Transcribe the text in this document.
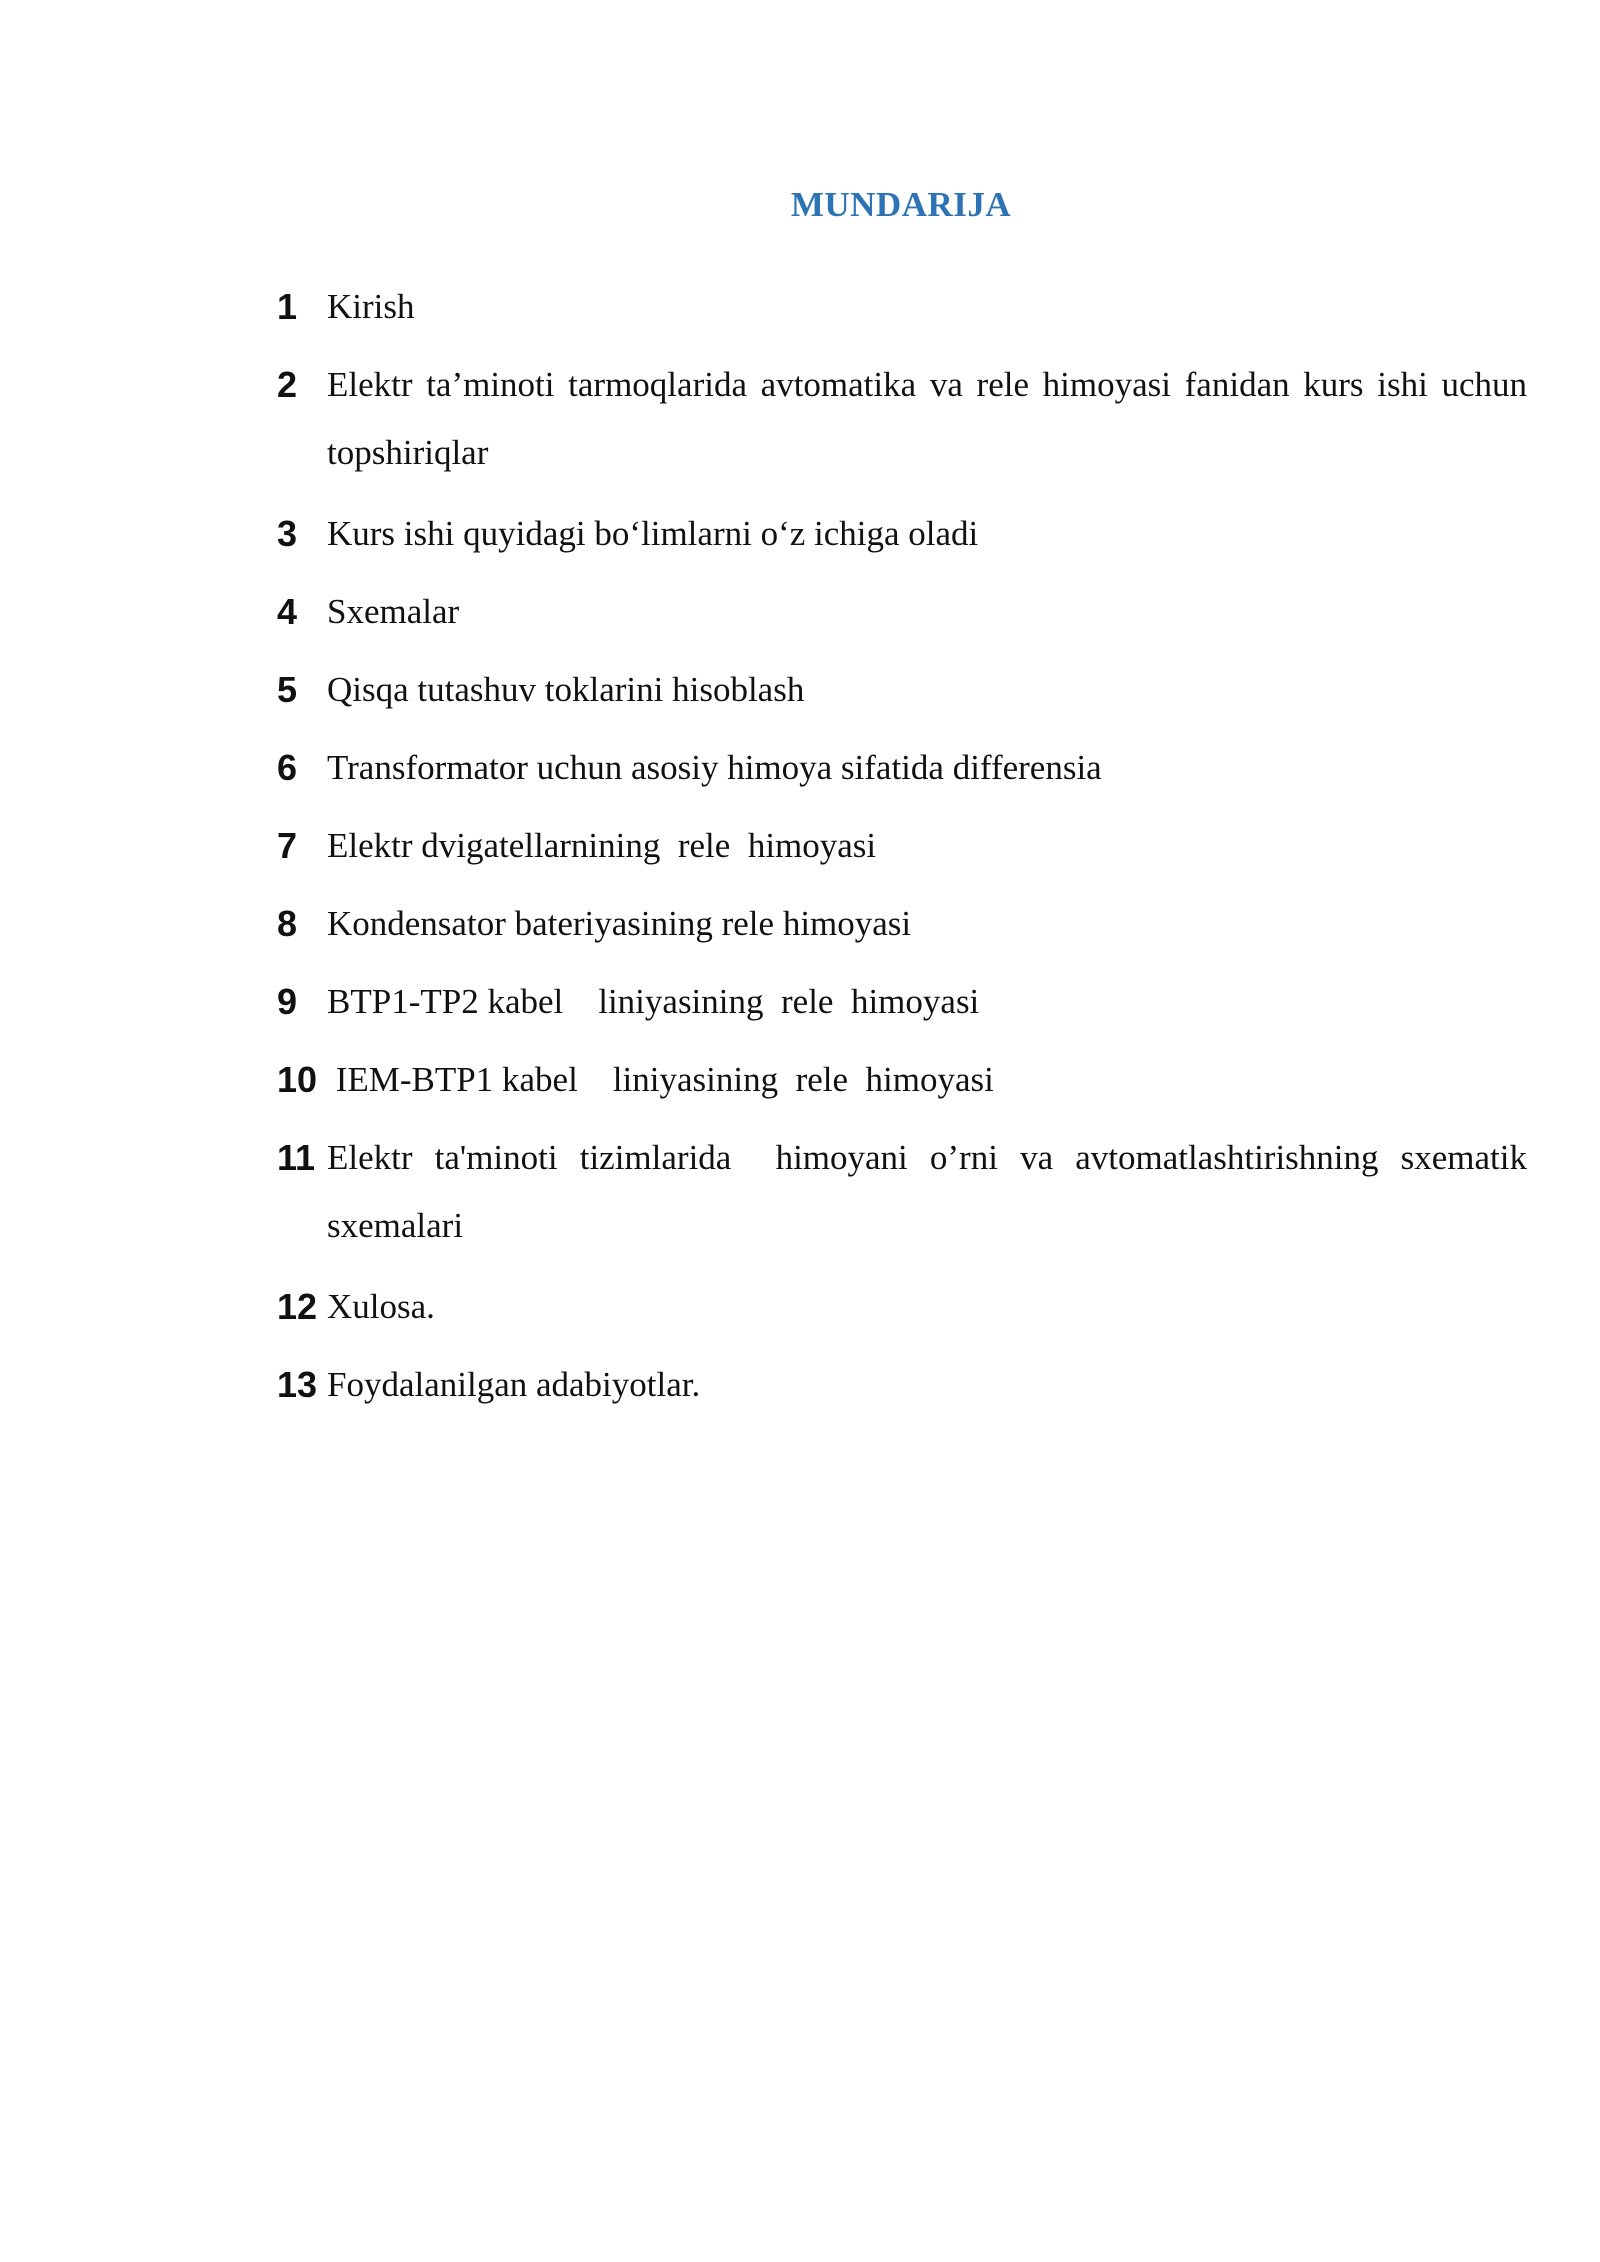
MUNDARIJA
1 Kirish
2 Elektr ta’minoti tarmoqlarida avtomatika va rele himoyasi fanidan kurs ishi uchun topshiriqlar
3 Kurs ishi quyidagi bo‘limlarni o‘z ichiga oladi
4 Sxemalar
5 Qisqa tutashuv toklarini hisoblash
6 Transformator uchun asosiy himoya sifatida differensia
7 Elektr dvigatellarnining  rele  himoyasi
8 Kondensator bateriyasining rele himoyasi
9 BTP1-TP2 kabel    liniyasining  rele  himoyasi
10 IEM-BTP1 kabel    liniyasining  rele  himoyasi
11 Elektr ta'minoti tizimlarida  himoyani o’rni va avtomatlashtirishning sxematik sxemalari
12 Xulosa.
13 Foydalanilgan adabiyotlar.
